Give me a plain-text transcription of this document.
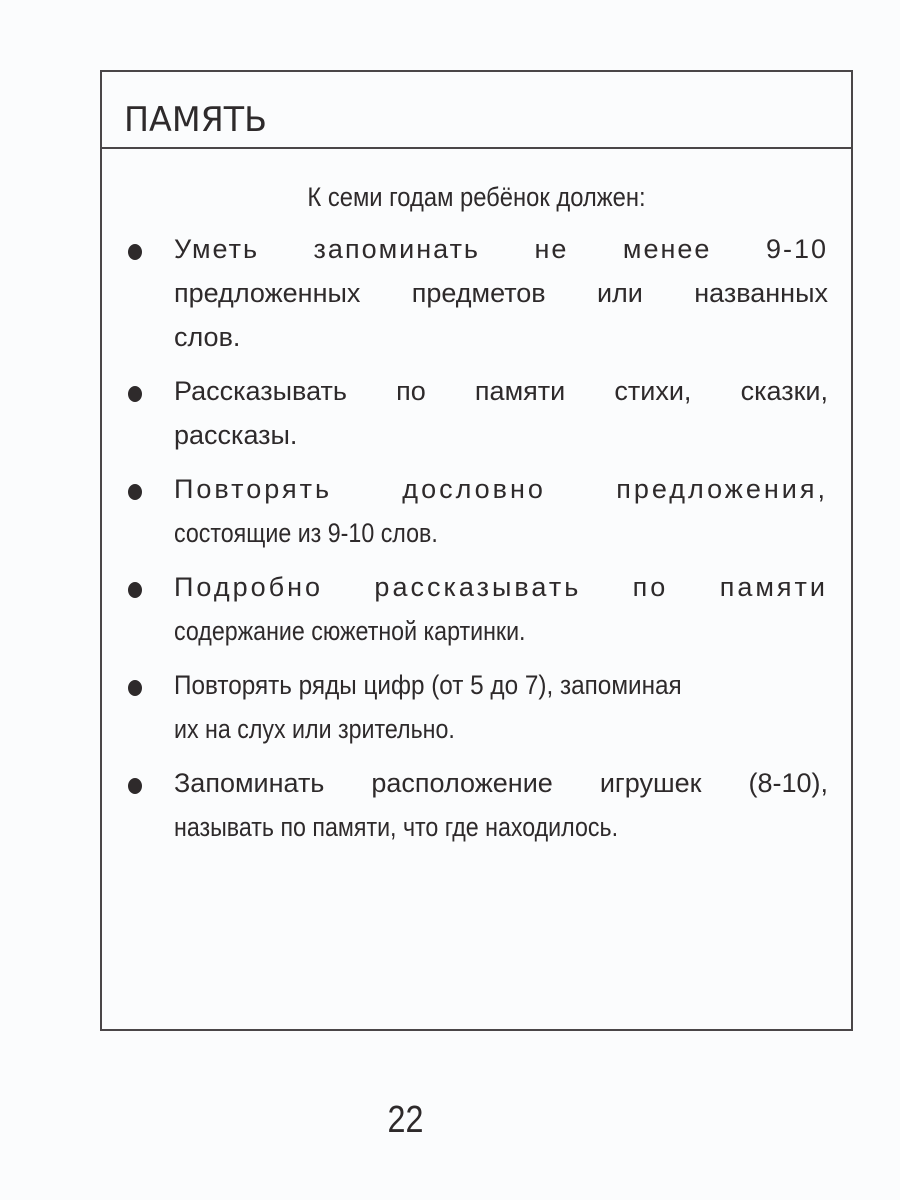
ПАМЯТЬ
К семи годам ребёнок должен:
Уметь запоминать не менее 9-10
предложенных предметов или названных
слов.
Рассказывать по памяти стихи, сказки,
рассказы.
Повторять дословно предложения,
состоящие из 9-10 слов.
Подробно рассказывать по памяти
содержание сюжетной картинки.
Повторять ряды цифр (от 5 до 7), запоминая
их на слух или зрительно.
Запоминать расположение игрушек (8-10),
называть по памяти, что где находилось.
22
